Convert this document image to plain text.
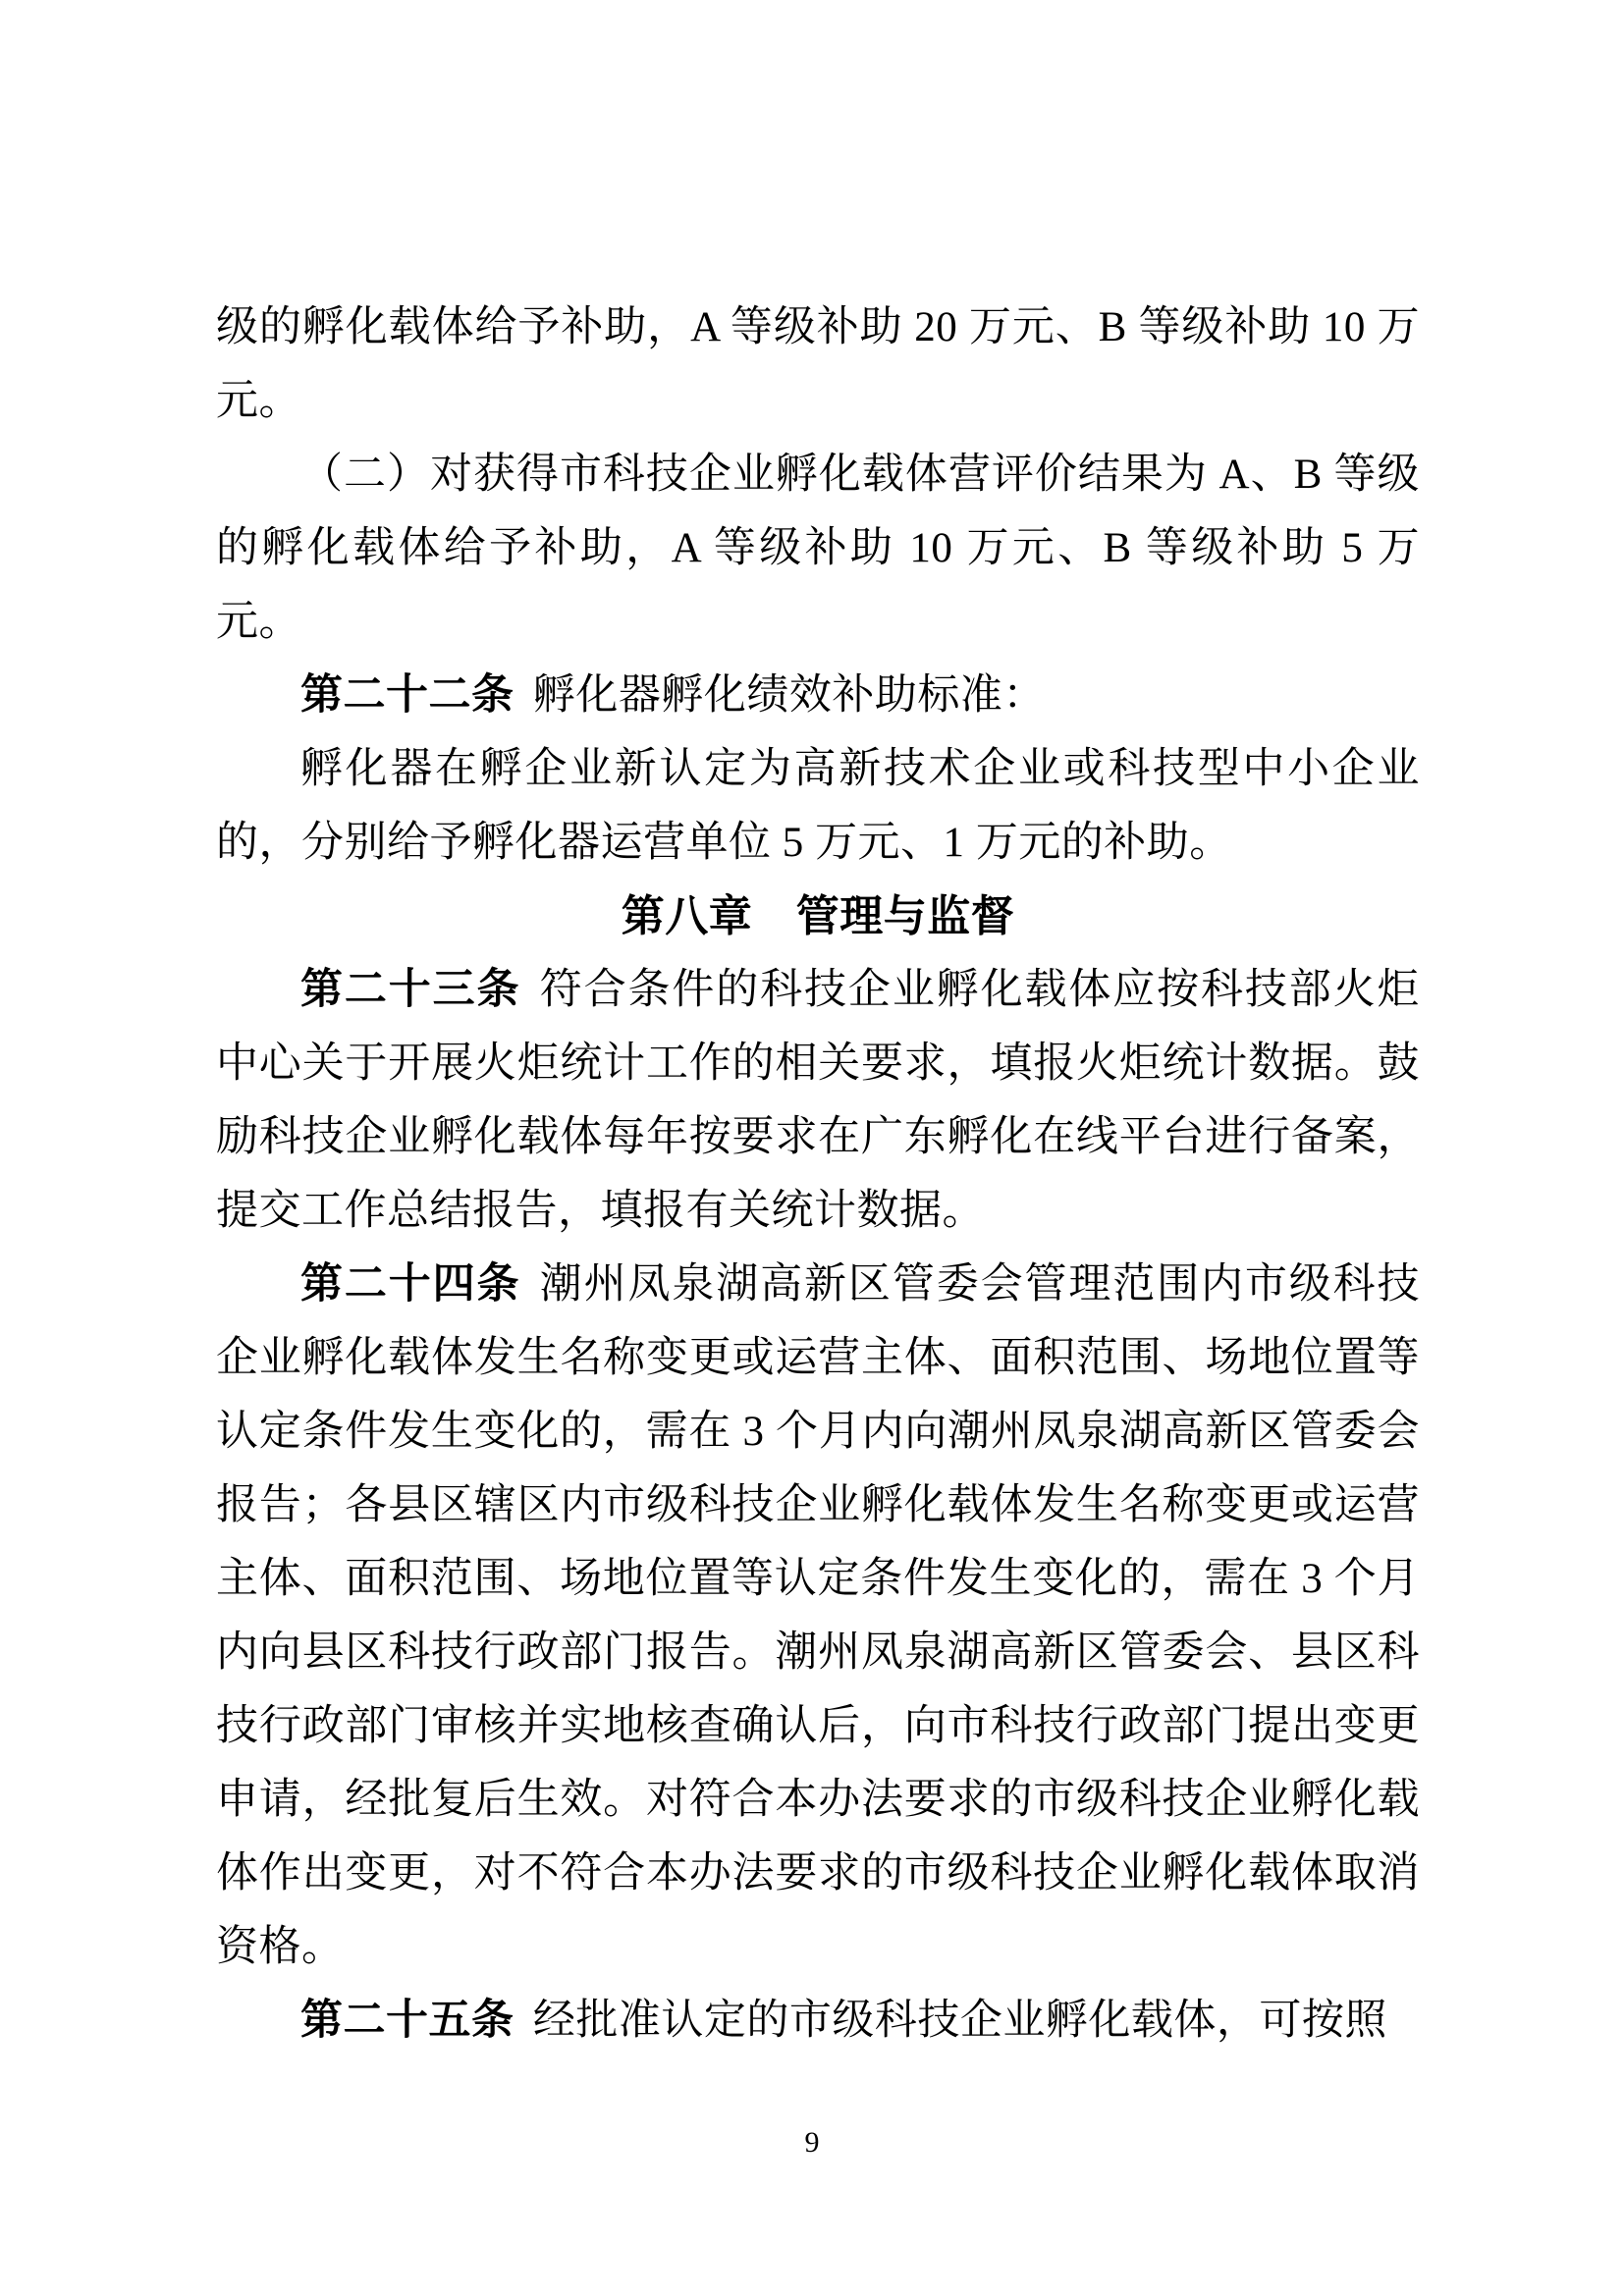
级的孵化载体给予补助，A 等级补助 20 万元、B 等级补助 10 万元。

（二）对获得市科技企业孵化载体营评价结果为 A、B 等级的孵化载体给予补助，A 等级补助 10 万元、B 等级补助 5 万元。

第二十二条 孵化器孵化绩效补助标准：

孵化器在孵企业新认定为高新技术企业或科技型中小企业的，分别给予孵化器运营单位 5 万元、1 万元的补助。

第八章　管理与监督

第二十三条 符合条件的科技企业孵化载体应按科技部火炬中心关于开展火炬统计工作的相关要求，填报火炬统计数据。鼓励科技企业孵化载体每年按要求在广东孵化在线平台进行备案，提交工作总结报告，填报有关统计数据。

第二十四条 潮州凤泉湖高新区管委会管理范围内市级科技企业孵化载体发生名称变更或运营主体、面积范围、场地位置等认定条件发生变化的，需在 3 个月内向潮州凤泉湖高新区管委会报告；各县区辖区内市级科技企业孵化载体发生名称变更或运营主体、面积范围、场地位置等认定条件发生变化的，需在 3 个月内向县区科技行政部门报告。潮州凤泉湖高新区管委会、县区科技行政部门审核并实地核查确认后，向市科技行政部门提出变更申请，经批复后生效。对符合本办法要求的市级科技企业孵化载体作出变更，对不符合本办法要求的市级科技企业孵化载体取消资格。

第二十五条 经批准认定的市级科技企业孵化载体，可按照

9
